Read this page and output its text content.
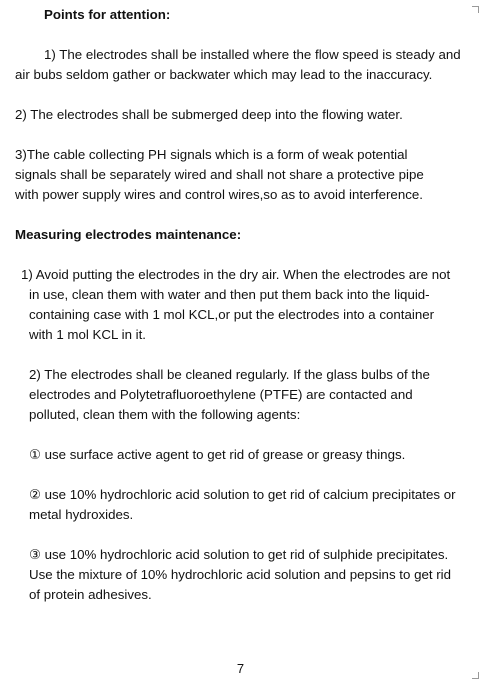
Points for attention:
1) The electrodes shall be installed where the flow speed is steady and
air bubs seldom gather or backwater which may lead to the inaccuracy.
2) The electrodes shall be submerged deep into the flowing water.
3)The cable collecting PH signals which is a form of weak potential
signals shall be separately wired and shall not share a protective pipe
with power supply wires and control wires,so as to avoid interference.
Measuring electrodes maintenance:
1) Avoid putting the electrodes in the dry air. When the electrodes are not
in use, clean them with water and then put them back into the liquid-
containing case with 1 mol KCL,or put the electrodes into a container
with 1 mol KCL in it.
2) The electrodes shall be cleaned regularly. If the glass bulbs of the
electrodes and Polytetrafluoroethylene (PTFE) are contacted and
polluted, clean them with the following agents:
① use surface active agent to get rid of grease or greasy things.
② use 10% hydrochloric acid solution to get rid of calcium precipitates or
metal hydroxides.
③ use 10% hydrochloric acid solution to get rid of sulphide precipitates.
Use the mixture of 10% hydrochloric acid solution and pepsins to get rid
of protein adhesives.
7
